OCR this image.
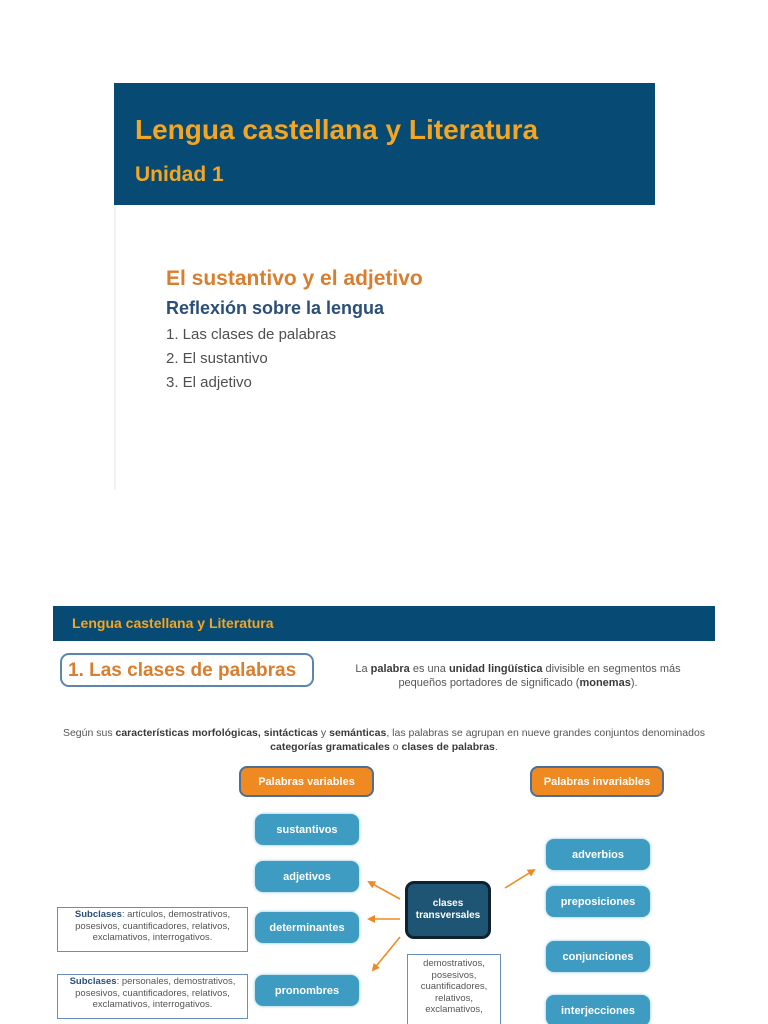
Lengua castellana y Literatura
Unidad 1
El sustantivo y el adjetivo
Reflexión sobre la lengua
1. Las clases de palabras
2. El sustantivo
3. El adjetivo
Lengua castellana y Literatura
1. Las clases de palabras	La palabra es una unidad lingüística divisible en segmentos más pequeños portadores de significado (monemas).
Según sus características morfológicas, sintácticas y semánticas, las palabras se agrupan en nueve grandes conjuntos denominados categorías gramaticales o clases de palabras.
Palabras variables	Palabras invariables
sustantivos
adjetivos
determinantes
pronombres
adverbios
preposiciones
conjunciones
interjecciones
clases transversales
Subclases: artículos, demostrativos, posesivos, cuantificadores, relativos, exclamativos, interrogativos.
Subclases: personales, demostrativos, posesivos, cuantificadores, relativos, exclamativos, interrogativos.
demostrativos,
posesivos,
cuantificadores,
relativos,
exclamativos,
